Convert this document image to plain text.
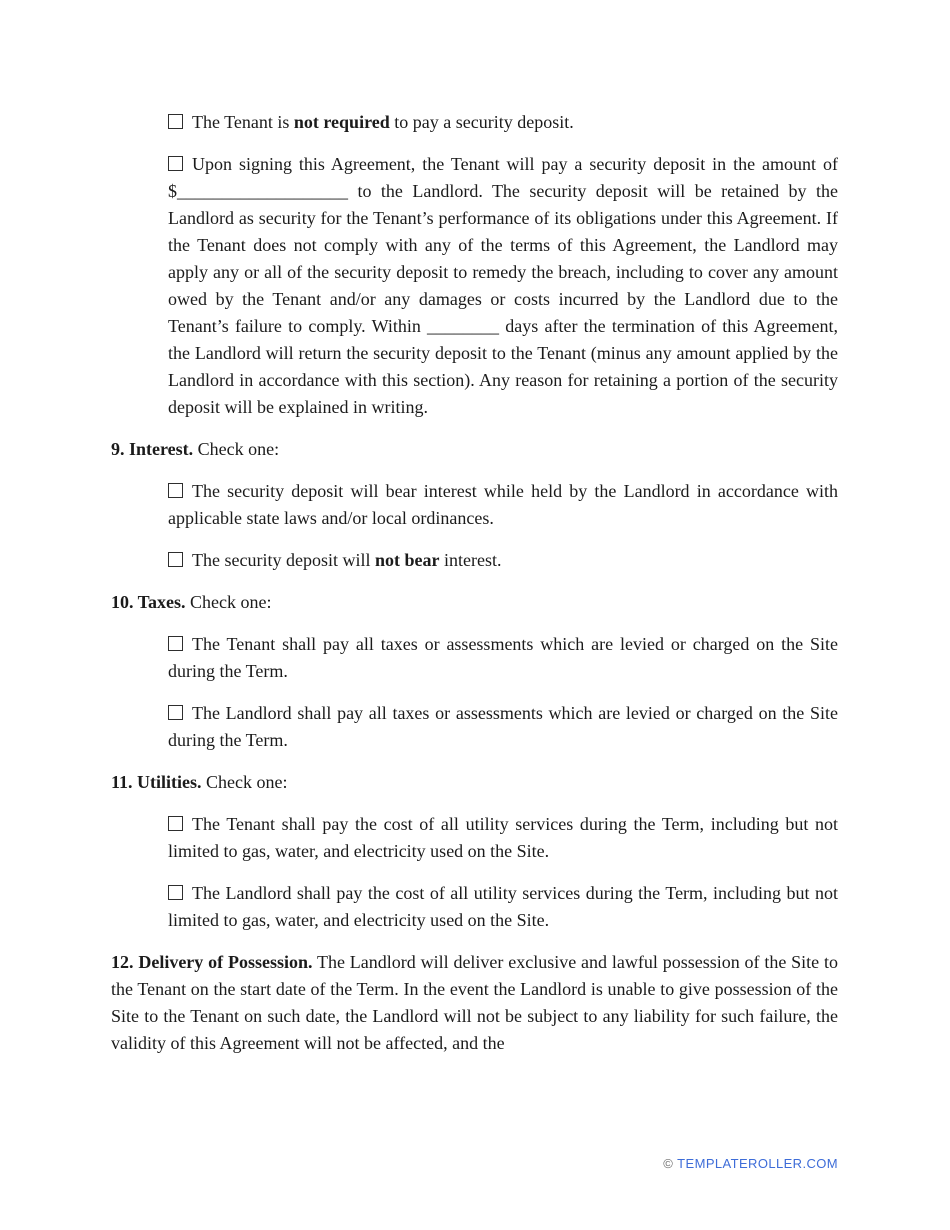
The Tenant is not required to pay a security deposit.

Upon signing this Agreement, the Tenant will pay a security deposit in the amount of $___________________ to the Landlord. The security deposit will be retained by the Landlord as security for the Tenant’s performance of its obligations under this Agreement. If the Tenant does not comply with any of the terms of this Agreement, the Landlord may apply any or all of the security deposit to remedy the breach, including to cover any amount owed by the Tenant and/or any damages or costs incurred by the Landlord due to the Tenant’s failure to comply. Within ________ days after the termination of this Agreement, the Landlord will return the security deposit to the Tenant (minus any amount applied by the Landlord in accordance with this section). Any reason for retaining a portion of the security deposit will be explained in writing.

9. Interest. Check one:

The security deposit will bear interest while held by the Landlord in accordance with applicable state laws and/or local ordinances.

The security deposit will not bear interest.

10. Taxes. Check one:

The Tenant shall pay all taxes or assessments which are levied or charged on the Site during the Term.

The Landlord shall pay all taxes or assessments which are levied or charged on the Site during the Term.

11. Utilities. Check one:

The Tenant shall pay the cost of all utility services during the Term, including but not limited to gas, water, and electricity used on the Site.

The Landlord shall pay the cost of all utility services during the Term, including but not limited to gas, water, and electricity used on the Site.

12. Delivery of Possession. The Landlord will deliver exclusive and lawful possession of the Site to the Tenant on the start date of the Term. In the event the Landlord is unable to give possession of the Site to the Tenant on such date, the Landlord will not be subject to any liability for such failure, the validity of this Agreement will not be affected, and the

© TEMPLATEROLLER.COM
